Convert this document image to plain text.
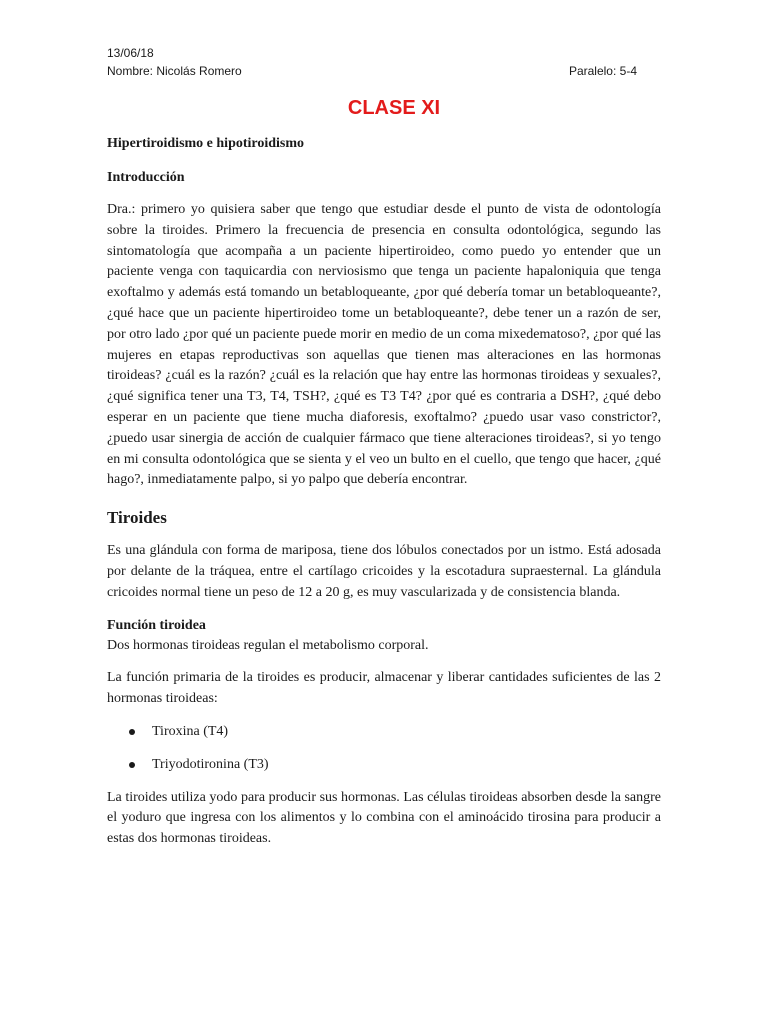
13/06/18
Nombre: Nicolás Romero	Paralelo: 5-4
CLASE XI
Hipertiroidismo e hipotiroidismo
Introducción

Dra.: primero yo quisiera saber que tengo que estudiar desde el punto de vista de odontología sobre la tiroides. Primero la frecuencia de presencia en consulta odontológica, segundo las sintomatología que acompaña a un paciente hipertiroideo, como puedo yo entender que un paciente venga con taquicardia con nerviosismo que tenga un paciente hapaloniquia que tenga exoftalmo y además está tomando un betabloqueante, ¿por qué debería tomar un betabloqueante?, ¿qué hace que un paciente hipertiroideo tome un betabloqueante?, debe tener un a razón de ser, por otro lado ¿por qué un paciente puede morir en medio de un coma mixedematoso?, ¿por qué las mujeres en etapas reproductivas son aquellas que tienen mas alteraciones en las hormonas tiroideas? ¿cuál es la razón? ¿cuál es la relación que hay entre las hormonas tiroideas y sexuales?, ¿qué significa tener una T3, T4, TSH?, ¿qué es T3 T4? ¿por qué es contraria a DSH?, ¿qué debo esperar en un paciente que tiene mucha diaforesis, exoftalmo? ¿puedo usar vaso constrictor?, ¿puedo usar sinergia de acción de cualquier fármaco que tiene alteraciones tiroideas?, si yo tengo en mi consulta odontológica que se sienta y el veo un bulto en el cuello, que tengo que hacer, ¿qué hago?, inmediatamente palpo, si yo palpo que debería encontrar.

Tiroides

Es una glándula con forma de mariposa, tiene dos lóbulos conectados por un istmo. Está adosada por delante de la tráquea, entre el cartílago cricoides y la escotadura supraesternal. La glándula cricoides normal tiene un peso de 12 a 20 g, es muy vascularizada y de consistencia blanda.

Función tiroidea

Dos hormonas tiroideas regulan el metabolismo corporal.

La función primaria de la tiroides es producir, almacenar y liberar cantidades suficientes de las 2 hormonas tiroideas:

Tiroxina (T4)
Triyodotironina (T3)

La tiroides utiliza yodo para producir sus hormonas. Las células tiroideas absorben desde la sangre el yoduro que ingresa con los alimentos y lo combina con el aminoácido tirosina para producir a estas dos hormonas tiroideas.
